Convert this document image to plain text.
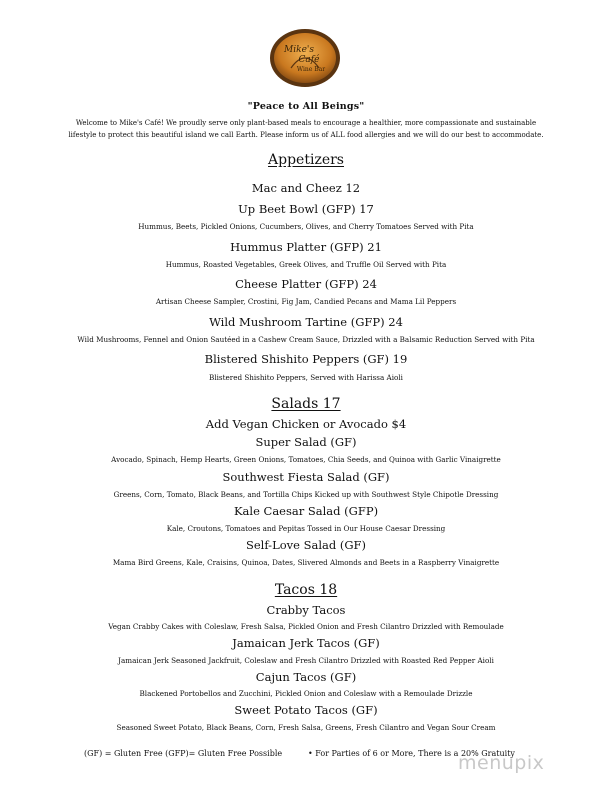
Mike's
Café
Wine Bar
"Peace to All Beings"
Welcome to Mike's Café! We proudly serve only plant-based meals to encourage a healthier, more compassionate and sustainable
lifestyle to protect this beautiful island we call Earth. Please inform us of ALL food allergies and we will do our best to accommodate.
Appetizers
Mac and Cheez 12
Up Beet Bowl (GFP) 17
Hummus, Beets, Pickled Onions, Cucumbers, Olives, and Cherry Tomatoes Served with Pita
Hummus Platter (GFP) 21
Hummus, Roasted Vegetables, Greek Olives, and Truffle Oil Served with Pita
Cheese Platter (GFP) 24
Artisan Cheese Sampler, Crostini, Fig Jam, Candied Pecans and Mama Lil Peppers
Wild Mushroom Tartine (GFP) 24
Wild Mushrooms, Fennel and Onion Sautéed in a Cashew Cream Sauce, Drizzled with a Balsamic Reduction Served with Pita
Blistered Shishito Peppers (GF) 19
Blistered Shishito Peppers, Served with Harissa Aioli
Salads 17
Add Vegan Chicken or Avocado $4
Super Salad (GF)
Avocado, Spinach, Hemp Hearts, Green Onions, Tomatoes, Chia Seeds, and Quinoa with Garlic Vinaigrette
Southwest Fiesta Salad (GF)
Greens, Corn, Tomato, Black Beans, and Tortilla Chips Kicked up with Southwest Style Chipotle Dressing
Kale Caesar Salad (GFP)
Kale, Croutons, Tomatoes and Pepitas Tossed in Our House Caesar Dressing
Self-Love Salad (GF)
Mama Bird Greens, Kale, Craisins, Quinoa, Dates, Slivered Almonds and Beets in a Raspberry Vinaigrette
Tacos 18
Crabby Tacos
Vegan Crabby Cakes with Coleslaw, Fresh Salsa, Pickled Onion and Fresh Cilantro Drizzled with Remoulade
Jamaican Jerk Tacos (GF)
Jamaican Jerk Seasoned Jackfruit, Coleslaw and Fresh Cilantro Drizzled with Roasted Red Pepper Aioli
Cajun Tacos (GF)
Blackened Portobellos and Zucchini, Pickled Onion and Coleslaw with a Remoulade Drizzle
Sweet Potato Tacos (GF)
Seasoned Sweet Potato, Black Beans, Corn, Fresh Salsa, Greens, Fresh Cilantro and Vegan Sour Cream
(GF) = Gluten Free (GFP)= Gluten Free Possible	• For Parties of 6 or More, There is a 20% Gratuity
menupix
